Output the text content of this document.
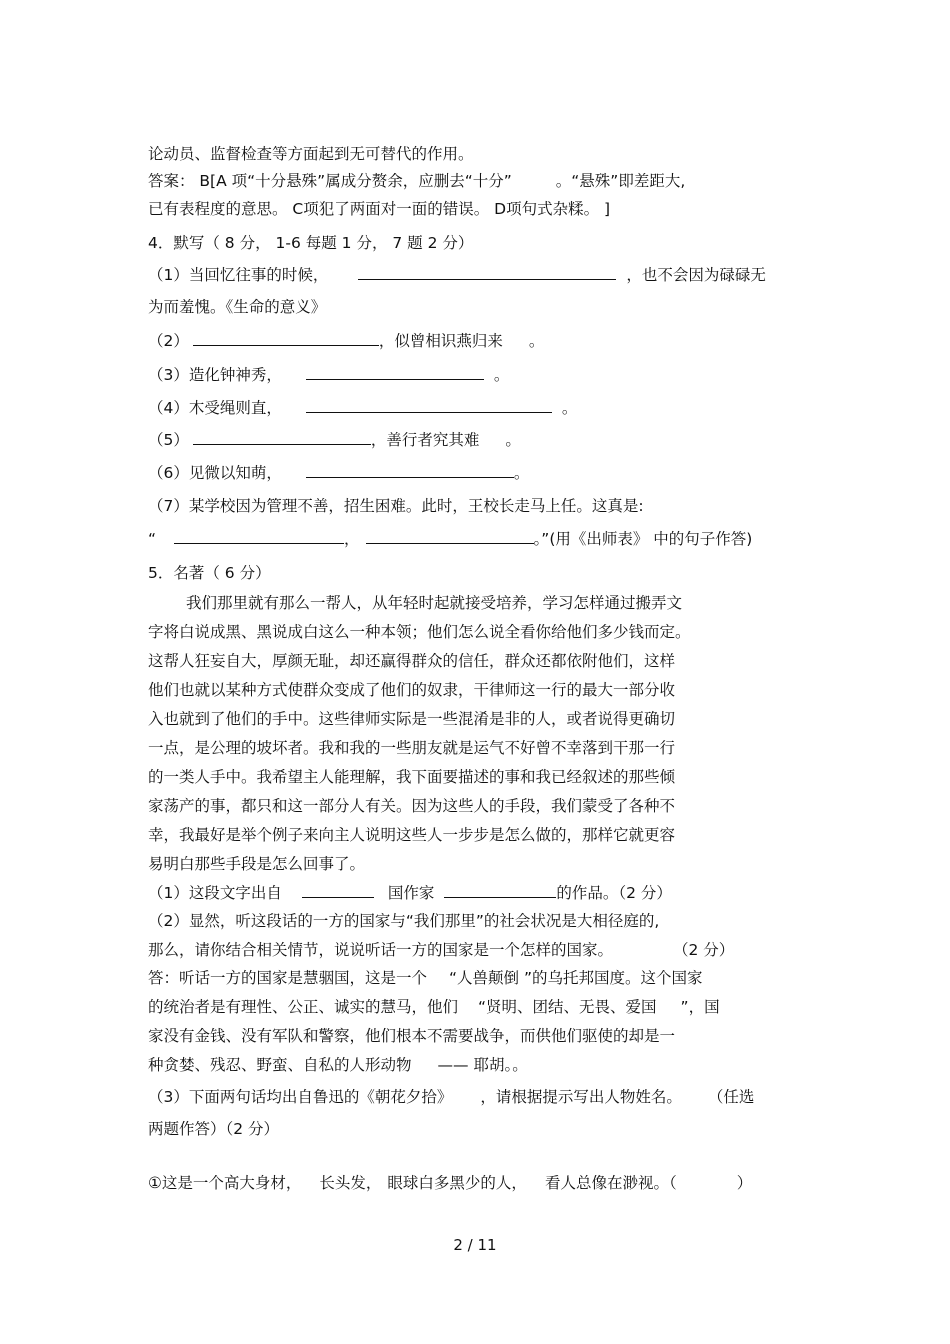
论动员、监督检查等方面起到无可替代的作用。
答案： B[A 项“十分悬殊”属成分赘余，应删去“十分”	。“悬殊”即差距大,
已有表程度的意思。 C项犯了两面对一面的错误。 D项句式杂糅。 ]
4．默写（ 8 分， 1-6 每题 1 分， 7 题 2 分）
（1）当回忆往事的时候，	，也不会因为碌碌无
为而羞愧。《生命的意义》
（2）	，似曾相识燕归来 。
（3）造化钟神秀，	。
（4）木受绳则直，	。
（5）	，善行者究其难 。
（6）见微以知萌，	。
（7）某学校因为管理不善，招生困难。此时，王校长走马上任。这真是:
“	，	。”(用《出师表》 中的句子作答)
5．名著（ 6 分）
我们那里就有那么一帮人，从年轻时起就接受培养，学习怎样通过搬弄文
字将白说成黑、黑说成白这么一种本领；他们怎么说全看你给他们多少钱而定。
这帮人狂妄自大，厚颜无耻，却还赢得群众的信任，群众还都依附他们，这样
他们也就以某种方式使群众变成了他们的奴隶，干律师这一行的最大一部分收
入也就到了他们的手中。这些律师实际是一些混淆是非的人，或者说得更确切
一点，是公理的坡坏者。我和我的一些朋友就是运气不好曾不幸落到干那一行
的一类人手中。我希望主人能理解，我下面要描述的事和我已经叙述的那些倾
家荡产的事，都只和这一部分人有关。因为这些人的手段，我们蒙受了各种不
幸，我最好是举个例子来向主人说明这些人一步步是怎么做的，那样它就更容
易明白那些手段是怎么回事了。
（1）这段文字出自	国作家	的作品。（2 分）
（2）显然，听这段话的一方的国家与“我们那里”的社会状况是大相径庭的,
那么，请你结合相关情节，说说听话一方的国家是一个怎样的国家。	（2 分）
答：听话一方的国家是慧骃国，这是一个 “人兽颠倒 ”的乌托邦国度。这个国家
的统治者是有理性、公正、诚实的慧马，他们 “贤明、团结、无畏、爱国 ”，国
家没有金钱、没有军队和警察，他们根本不需要战争，而供他们驱使的却是一
种贪婪、残忍、野蛮、自私的人形动物 —— 耶胡。。
（3）下面两句话均出自鲁迅的《朝花夕拾》 ，请根据提示写出人物姓名。 （任选
两题作答）（2 分）
①这是一个高大身材， 长头发， 眼球白多黑少的人， 看人总像在渺视。（	）
2 / 11
